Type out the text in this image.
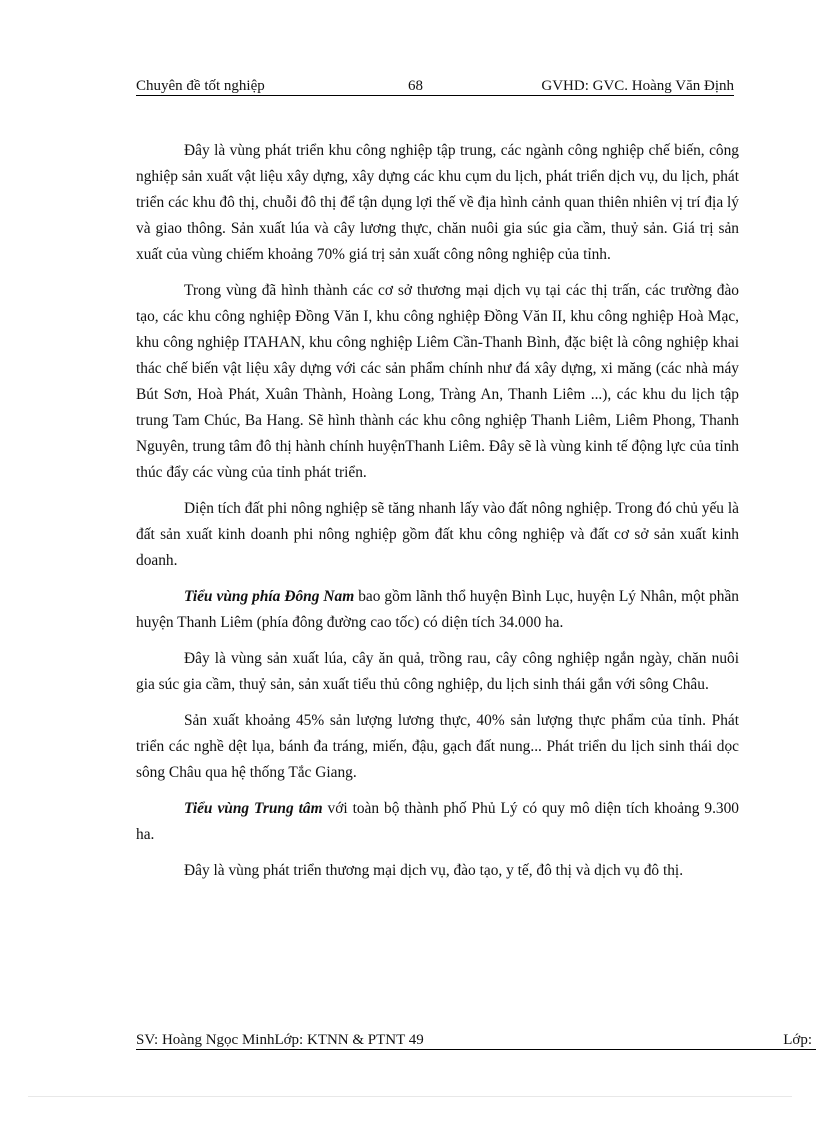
Chuyên đề tốt nghiệp	68	GVHD: GVC. Hoàng Văn Định

Đây là vùng phát triển khu công nghiệp tập trung, các ngành công nghiệp chế biến, công nghiệp sản xuất vật liệu xây dựng, xây dựng các khu cụm du lịch, phát triển dịch vụ, du lịch, phát triển các khu đô thị, chuỗi đô thị để tận dụng lợi thế về địa hình cảnh quan thiên nhiên vị trí địa lý và giao thông. Sản xuất lúa và cây lương thực, chăn nuôi gia súc gia cầm, thuỷ sản. Giá trị sản xuất của vùng chiếm khoảng 70% giá trị sản xuất công nông nghiệp của tỉnh.

Trong vùng đã hình thành các cơ sở thương mại dịch vụ tại các thị trấn, các trường đào tạo, các khu công nghiệp Đồng Văn I, khu công nghiệp Đồng Văn II, khu công nghiệp Hoà Mạc, khu công nghiệp ITAHAN, khu công nghiệp Liêm Cần-Thanh Bình, đặc biệt là công nghiệp khai thác chế biến vật liệu xây dựng với các sản phẩm chính như đá xây dựng, xi măng (các nhà máy Bút Sơn, Hoà Phát, Xuân Thành, Hoàng Long, Tràng An, Thanh Liêm ...), các khu du lịch tập trung Tam Chúc, Ba Hang. Sẽ hình thành các khu công nghiệp Thanh Liêm, Liêm Phong, Thanh Nguyên, trung tâm đô thị hành chính huyệnThanh Liêm. Đây sẽ là vùng kinh tế động lực của tỉnh thúc đẩy các vùng của tỉnh phát triển.

Diện tích đất phi nông nghiệp sẽ tăng nhanh lấy vào đất nông nghiệp. Trong đó chủ yếu là đất sản xuất kinh doanh phi nông nghiệp gồm đất khu công nghiệp và đất cơ sở sản xuất kinh doanh.

Tiểu vùng phía Đông Nam bao gồm lãnh thổ huyện Bình Lục, huyện Lý Nhân, một phần huyện Thanh Liêm (phía đông đường cao tốc) có diện tích 34.000 ha.

Đây là vùng sản xuất lúa, cây ăn quả, trồng rau, cây công nghiệp ngắn ngày, chăn nuôi gia súc gia cầm, thuỷ sản, sản xuất tiểu thủ công nghiệp, du lịch sinh thái gắn với sông Châu.

Sản xuất khoảng 45% sản lượng lương thực, 40% sản lượng thực phẩm của tỉnh. Phát triển các nghề dệt lụa, bánh đa tráng, miến, đậu, gạch đất nung... Phát triển du lịch sinh thái dọc sông Châu qua hệ thống Tắc Giang.

Tiểu vùng Trung tâm với toàn bộ thành phố Phủ Lý có quy mô diện tích khoảng 9.300 ha.

Đây là vùng phát triển thương mại dịch vụ, đào tạo, y tế, đô thị và dịch vụ đô thị.

SV: Hoàng Ngọc MinhLớp: KTNN & PTNT 49	Lớp:
